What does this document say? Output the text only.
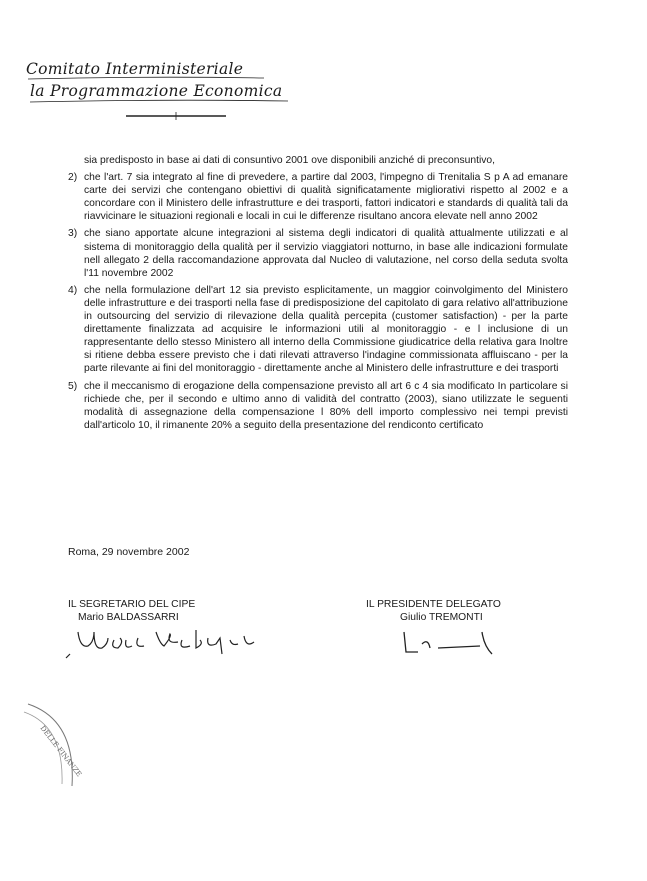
Comitato Interministeriale
la Programmazione Economica

sia predisposto in base ai dati di consuntivo 2001 ove disponibili anziché di preconsuntivo,

2) che l'art. 7 sia integrato al fine di prevedere, a partire dal 2003, l'impegno di Trenitalia S p A ad emanare carte dei servizi che contengano obiettivi di qualità significatamente migliorativi rispetto al 2002 e a concordare con il Ministero delle infrastrutture e dei trasporti, fattori indicatori e standards di qualità tali da riavvicinare le situazioni regionali e locali in cui le differenze risultano ancora elevate nell anno 2002

3) che siano apportate alcune integrazioni al sistema degli indicatori di qualità attualmente utilizzati e al sistema di monitoraggio della qualità per il servizio viaggiatori notturno, in base alle indicazioni formulate nell allegato 2 della raccomandazione approvata dal Nucleo di valutazione, nel corso della seduta svolta l'11 novembre 2002

4) che nella formulazione dell'art 12 sia previsto esplicitamente, un maggior coinvolgimento del Ministero delle infrastrutture e dei trasporti nella fase di predisposizione del capitolato di gara relativo all'attribuzione in outsourcing del servizio di rilevazione della qualità percepita (customer satisfaction) - per la parte direttamente finalizzata ad acquisire le informazioni utili al monitoraggio - e l inclusione di un rappresentante dello stesso Ministero all interno della Commissione giudicatrice della relativa gara Inoltre si ritiene debba essere previsto che i dati rilevati attraverso l'indagine commissionata affluiscano - per la parte rilevante ai fini del monitoraggio - direttamente anche al Ministero delle infrastrutture e dei trasporti

5) che il meccanismo di erogazione della compensazione previsto all art 6 c 4 sia modificato In particolare si richiede che, per il secondo e ultimo anno di validità del contratto (2003), siano utilizzate le seguenti modalità di assegnazione della compensazione l 80% dell importo complessivo nei tempi previsti dall'articolo 10, il rimanente 20% a seguito della presentazione del rendiconto certificato

Roma, 29 novembre 2002
IL SEGRETARIO DEL CIPE
Mario BALDASSARRI
IL PRESIDENTE DELEGATO
Giulio TREMONTI
DELLE FINANZE
